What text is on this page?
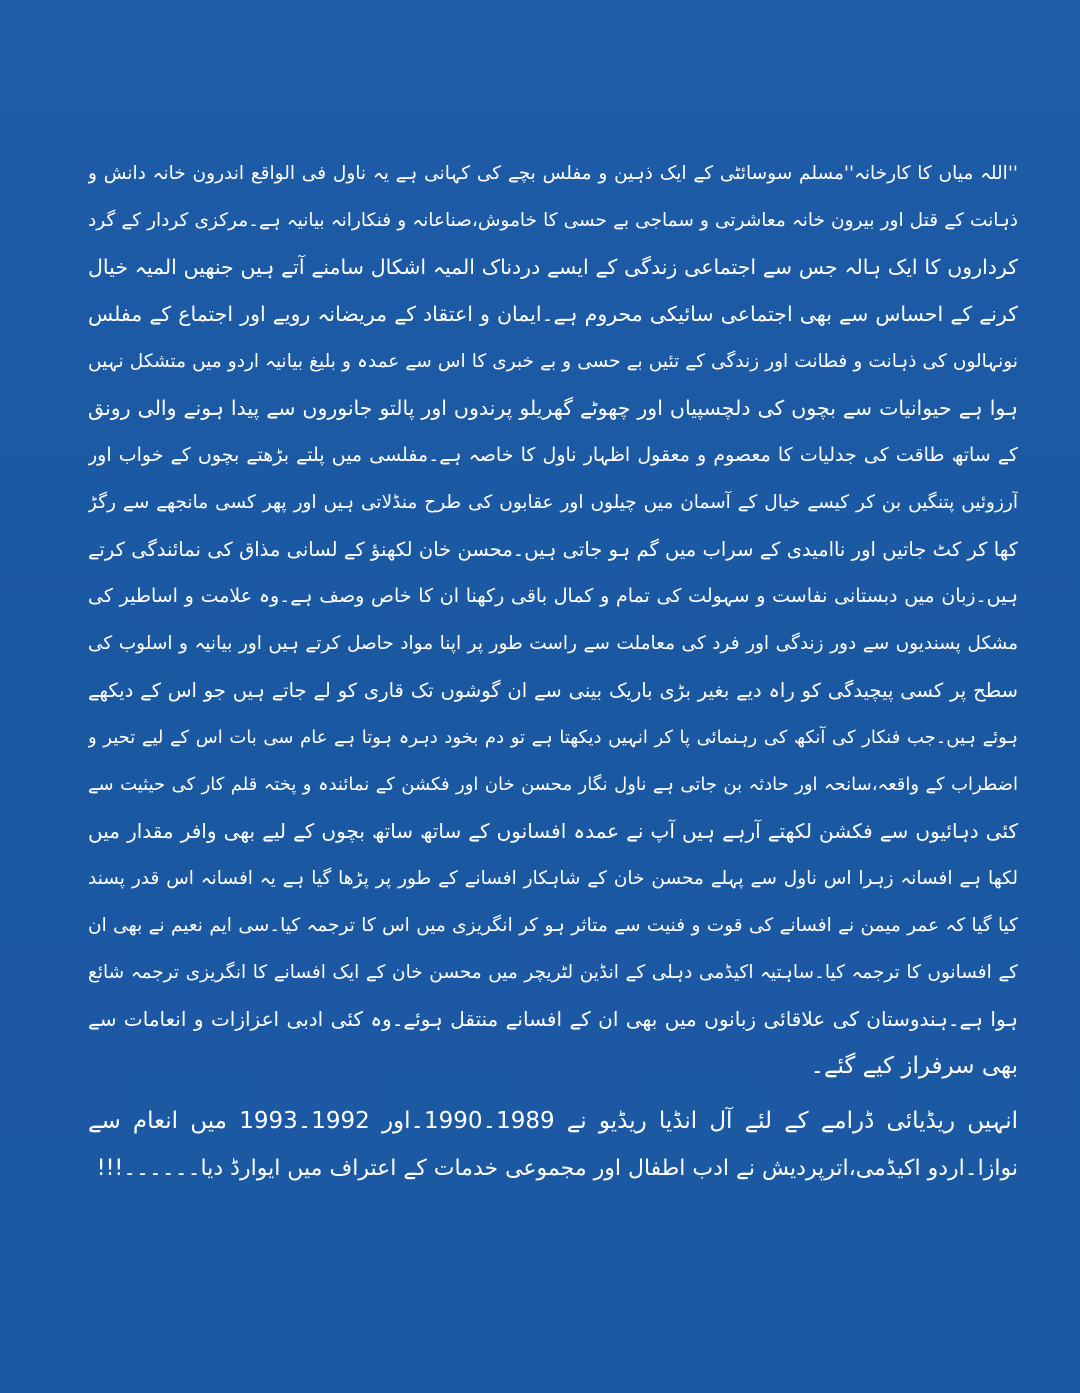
''اللہ میاں کا کارخانہ''مسلم سوسائٹی کے ایک ذہین و مفلس بچے کی کہانی ہے یہ ناول فی الواقع اندرون خانہ دانش و
ذہانت کے قتل اور بیرون خانہ معاشرتی و سماجی بے حسی کا خاموش،صناعانہ و فنکارانہ بیانیہ ہے۔مرکزی کردار کے گرد
کرداروں کا ایک ہالہ جس سے اجتماعی زندگی کے ایسے دردناک المیہ اشکال سامنے آتے ہیں جنھیں المیہ خیال
کرنے کے احساس سے بھی اجتماعی سائیکی محروم ہے۔ایمان و اعتقاد کے مریضانہ رویے اور اجتماع کے مفلس
نونہالوں کی ذہانت و فطانت اور زندگی کے تئیں بے حسی و بے خبری کا اس سے عمدہ و بلیغ بیانیہ اردو میں متشکل نہیں
ہوا ہے حیوانیات سے بچوں کی دلچسپیاں اور چھوٹے گھریلو پرندوں اور پالتو جانوروں سے پیدا ہونے والی رونق
کے ساتھ طاقت کی جدلیات کا معصوم و معقول اظہار ناول کا خاصہ ہے۔مفلسی میں پلتے بڑھتے بچوں کے خواب اور
آرزوئیں پتنگیں بن کر کیسے خیال کے آسمان میں چیلوں اور عقابوں کی طرح منڈلاتی ہیں اور پھر کسی مانجھے سے رگڑ
کھا کر کٹ جاتیں اور ناامیدی کے سراب میں گم ہو جاتی ہیں۔محسن خان لکھنؤ کے لسانی مذاق کی نمائندگی کرتے
ہیں۔زبان میں دبستانی نفاست و سہولت کی تمام و کمال باقی رکھنا ان کا خاص وصف ہے۔وہ علامت و اساطیر کی
مشکل پسندیوں سے دور زندگی اور فرد کی معاملت سے راست طور پر اپنا مواد حاصل کرتے ہیں اور بیانیہ و اسلوب کی
سطح پر کسی پیچیدگی کو راہ دیے بغیر بڑی باریک بینی سے ان گوشوں تک قاری کو لے جاتے ہیں جو اس کے دیکھے
ہوئے ہیں۔جب فنکار کی آنکھ کی رہنمائی پا کر انہیں دیکھتا ہے تو دم بخود دہرہ ہوتا ہے عام سی بات اس کے لیے تحیر و
اضطراب کے واقعہ،سانحہ اور حادثہ بن جاتی ہے ناول نگار محسن خان اور فکشن کے نمائندہ و پختہ قلم کار کی حیثیت سے
کئی دہائیوں سے فکشن لکھتے آرہے ہیں آپ نے عمدہ افسانوں کے ساتھ ساتھ بچوں کے لیے بھی وافر مقدار میں
لکھا ہے افسانہ زہرا اس ناول سے پہلے محسن خان کے شاہکار افسانے کے طور پر پڑھا گیا ہے یہ افسانہ اس قدر پسند
کیا گیا کہ عمر میمن نے افسانے کی قوت و فنیت سے متاثر ہو کر انگریزی میں اس کا ترجمہ کیا۔سی ایم نعیم نے بھی ان
کے افسانوں کا ترجمہ کیا۔ساہتیہ اکیڈمی دہلی کے انڈین لٹریچر میں محسن خان کے ایک افسانے کا انگریزی ترجمہ شائع
ہوا ہے۔ہندوستان کی علاقائی زبانوں میں بھی ان کے افسانے منتقل ہوئے۔وہ کئی ادبی اعزازات و انعامات سے
بھی سرفراز کیے گئے۔
انہیں ریڈیائی ڈرامے کے لئے آل انڈیا ریڈیو نے 1989۔1990۔اور 1992۔1993 میں انعام سے
نوازا۔اردو اکیڈمی،اترپردیش نے ادب اطفال اور مجموعی خدمات کے اعتراف میں ایوارڈ دیا۔۔۔۔۔۔!!!
